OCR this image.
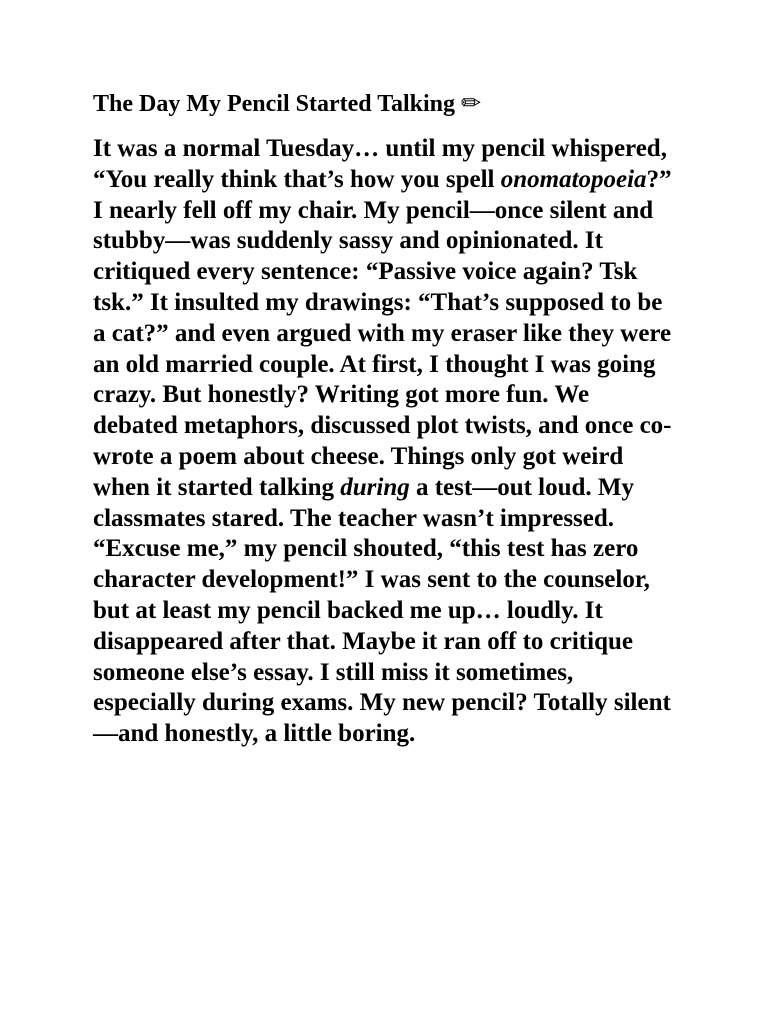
The Day My Pencil Started Talking ✏

It was a normal Tuesday… until my pencil whispered, “You really think that’s how you spell onomatopoeia?” I nearly fell off my chair. My pencil—once silent and stubby—was suddenly sassy and opinionated. It critiqued every sentence: “Passive voice again? Tsk tsk.” It insulted my drawings: “That’s supposed to be a cat?” and even argued with my eraser like they were an old married couple. At first, I thought I was going crazy. But honestly? Writing got more fun. We debated metaphors, discussed plot twists, and once co-wrote a poem about cheese. Things only got weird when it started talking during a test—out loud. My classmates stared. The teacher wasn’t impressed. “Excuse me,” my pencil shouted, “this test has zero character development!” I was sent to the counselor, but at least my pencil backed me up… loudly. It disappeared after that. Maybe it ran off to critique someone else’s essay. I still miss it sometimes, especially during exams. My new pencil? Totally silent—and honestly, a little boring.
